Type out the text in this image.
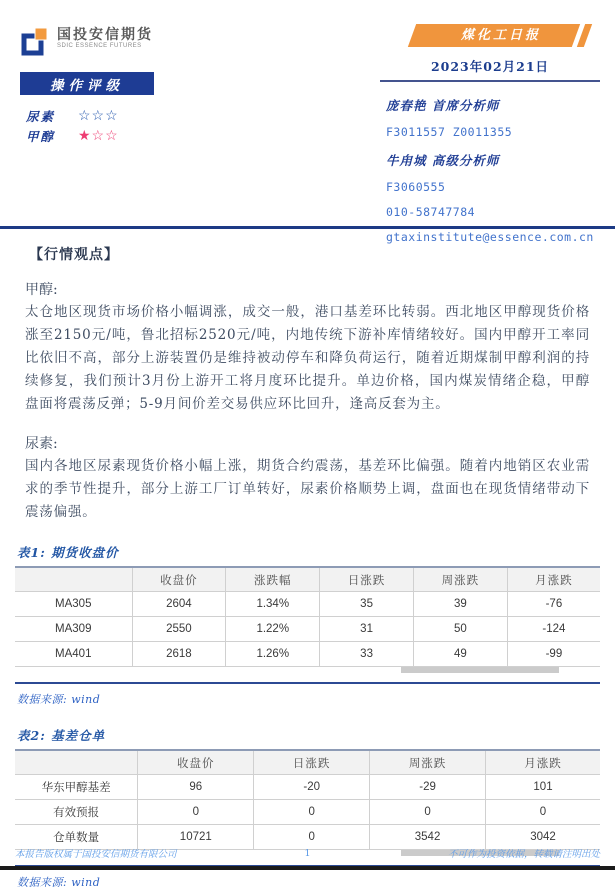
国投安信期货
SDIC ESSENCE FUTURES
操作评级
尿素	☆☆☆
甲醇	★☆☆
煤化工日报
2023年02月21日
庞春艳 首席分析师
F3011557 Z0011355
牛甪城 高级分析师
F3060555
010-58747784
gtaxinstitute@essence.com.cn
【行情观点】

甲醇:

太仓地区现货市场价格小幅调涨，成交一般，港口基差环比转弱。西北地区甲醇现货价格涨至2150元/吨，鲁北招标2520元/吨，内地传统下游补库情绪较好。国内甲醇开工率同比依旧不高，部分上游装置仍是维持被动停车和降负荷运行，随着近期煤制甲醇利润的持续修复，我们预计3月份上游开工将月度环比提升。单边价格，国内煤炭情绪企稳，甲醇盘面将震荡反弹；5-9月间价差交易供应环比回升，逢高反套为主。

尿素:

国内各地区尿素现货价格小幅上涨，期货合约震荡，基差环比偏强。随着内地销区农业需求的季节性提升，部分上游工厂订单转好，尿素价格顺势上调，盘面也在现货情绪带动下震荡偏强。

表1: 期货收盘价
	收盘价	涨跌幅	日涨跌	周涨跌	月涨跌
MA305	2604	1.34%	35	39	-76
MA309	2550	1.22%	31	50	-124
MA401	2618	1.26%	33	49	-99
数据来源: wind
表2: 基差仓单
	收盘价	日涨跌	周涨跌	月涨跌
华东甲醇基差	96	-20	-29	101
有效预报	0	0	0	0
仓单数量	10721	0	3542	3042
数据来源: wind
本报告版权属于国投安信期货有限公司	1	不可作为投资依据，转载请注明出处
